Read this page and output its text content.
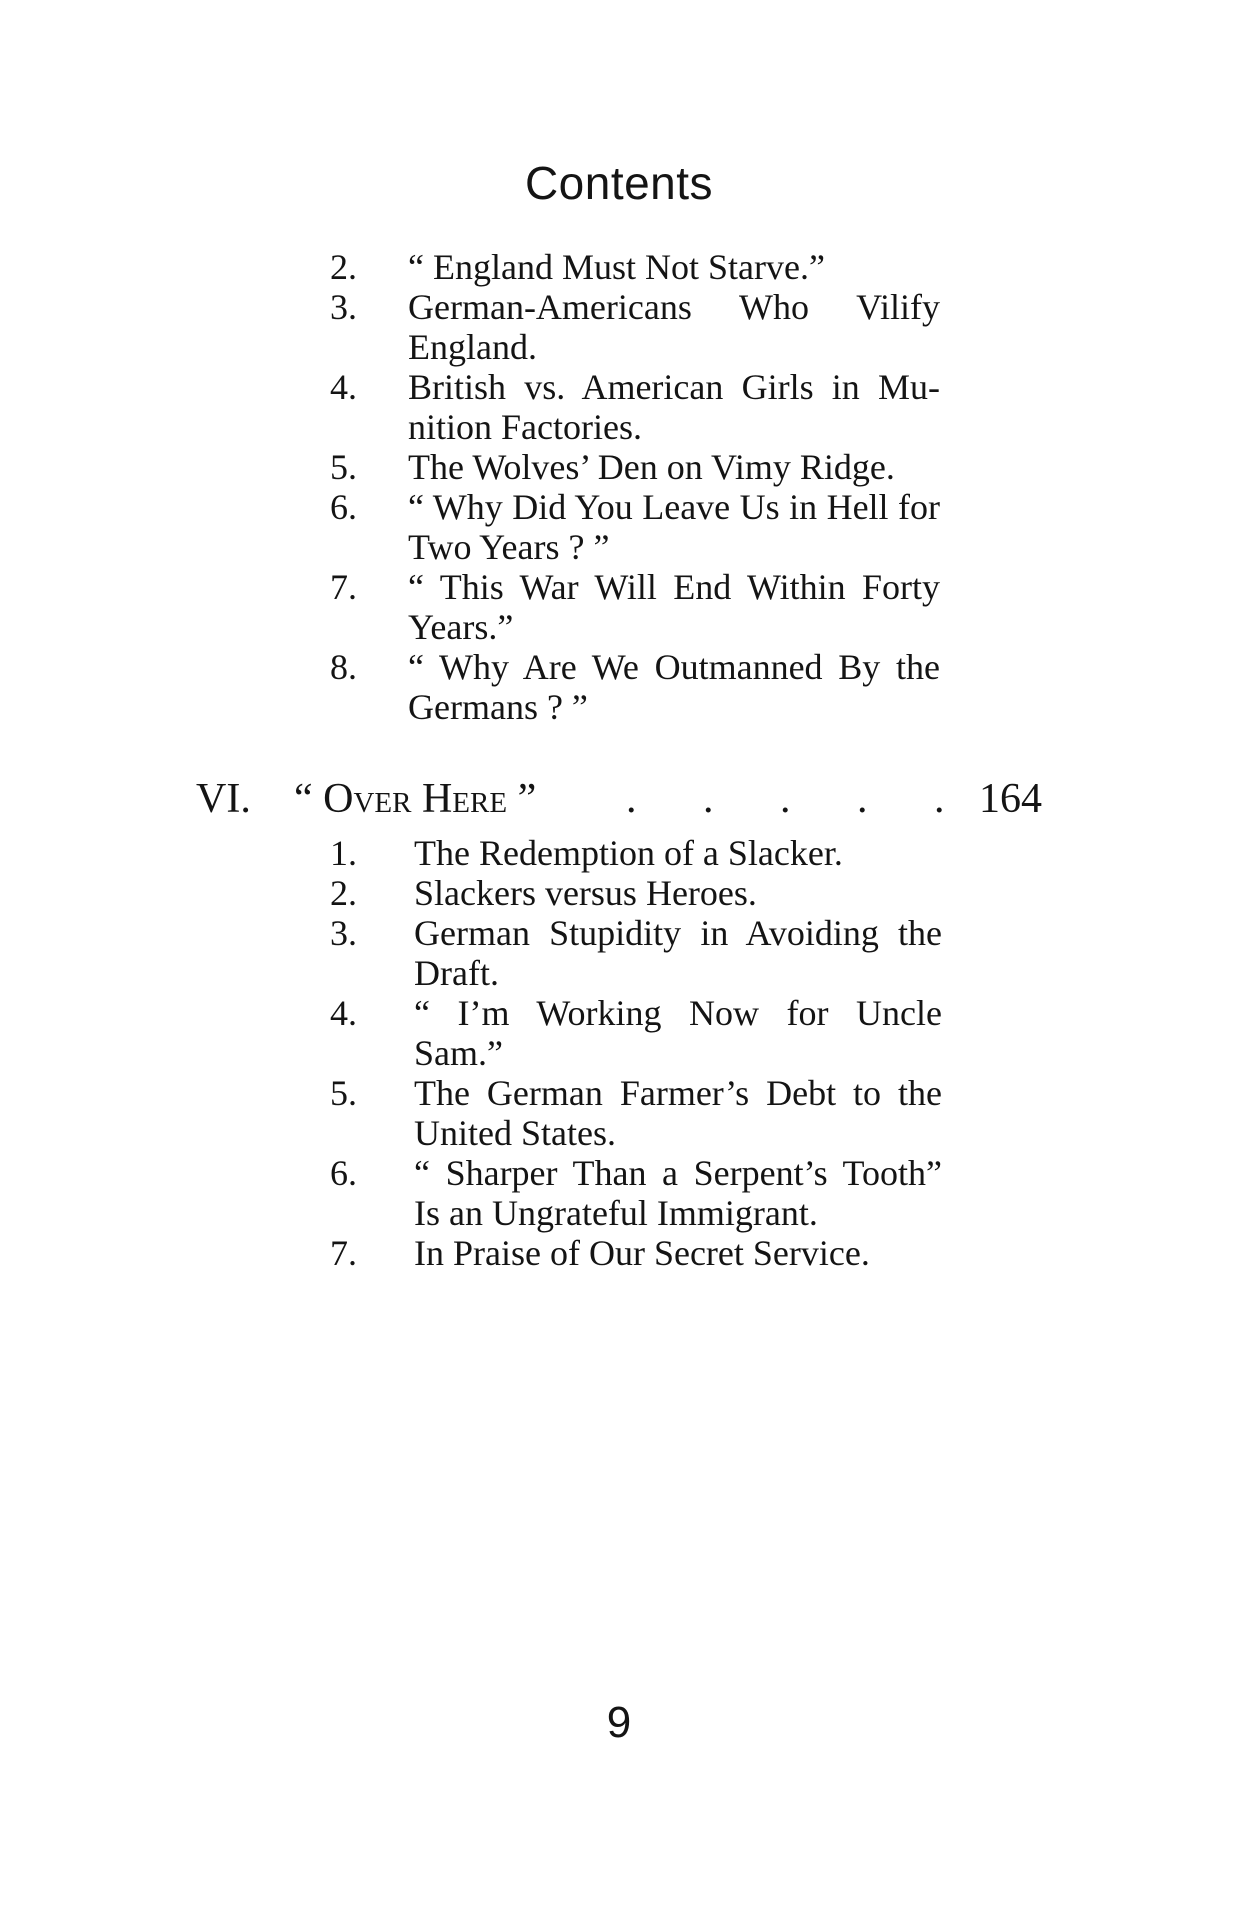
Contents
2.	“ England Must Not Starve.”
3.	German-Americans Who Vilify England.
4.	British vs. American Girls in Mu- nition Factories.
5.	The Wolves’ Den on Vimy Ridge.
6.	“ Why Did You Leave Us in Hell for Two Years ? ”
7.	“ This War Will End Within Forty Years.”
8.	“ Why Are We Outmanned By the Germans ? ”
VI. “ Over Here ” . . . . . 164
1.	The Redemption of a Slacker.
2.	Slackers versus Heroes.
3.	German Stupidity in Avoiding the Draft.
4.	“ I’m Working Now for Uncle Sam.”
5.	The German Farmer’s Debt to the United States.
6.	“ Sharper Than a Serpent’s Tooth” Is an Ungrateful Immigrant.
7.	In Praise of Our Secret Service.
9
